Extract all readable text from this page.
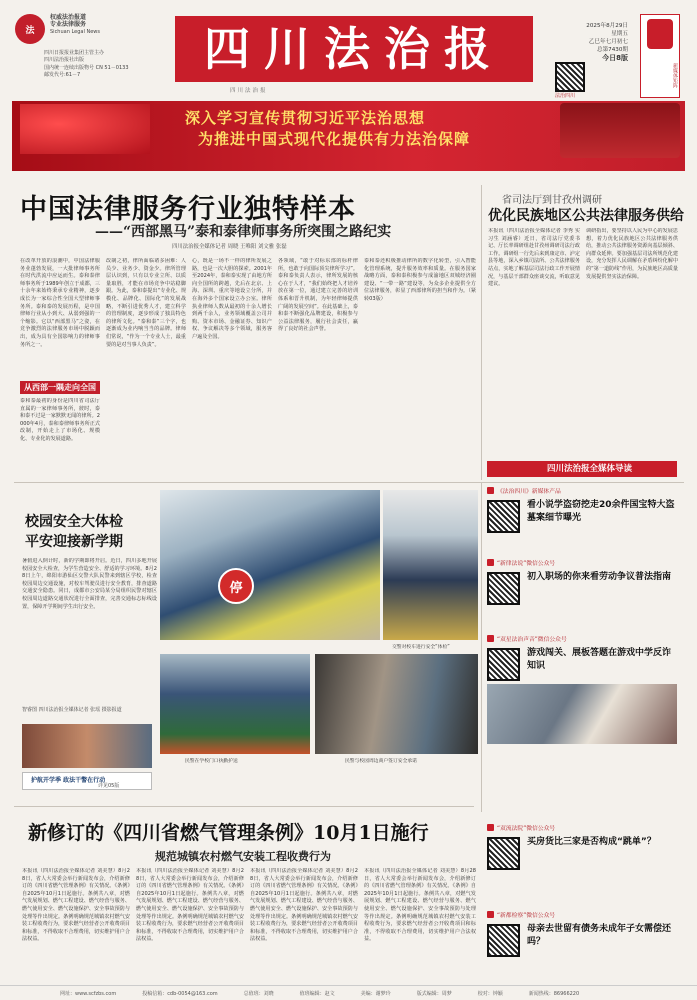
法
权威法治报道
专业法律服务
Sichuan Legal News
四川日报报业集团主管主办
四川法治报社出版
国内统一连续出版物号 CN 51－0133
邮发代号:61－7	四川法治报
四川法治报
2025年8月29日
星期五
乙巳年七月初七
总第7430期
今日8版
法治四川
新媒体矩阵
深入学习宣传贯彻习近平法治思想
为推进中国式现代化提供有力法治保障
中国法律服务行业独特样本
——“西部黑马”泰和泰律师事务所突围之路纪实
四川法治报全媒体记者 周晓 王唯阳 刘文雅 张磊
在改革开放的浪潮中，中国法律服务业蓬勃发展，一大批律师事务所在时代洪流中应运而生。泰和泰律师事务所于1989年创立于成都，三十余年来始终秉承专业精神，逐步成长为一家综合性全国大型律师事务所。泰和泰的发展历程，是中国律师行业从小到大、从弱到强的一个缩影。它以“西部黑马”之姿，在竞争激烈的法律服务市场中脱颖而出，成为具有全国影响力的律师事务所之一。
从西部一隅走向全国
泰和泰最初的身份是四川省司法厅直属的一家律师事务所，彼时，泰和泰不过是一家默默无闻的律所。2000年4月，泰和泰律师事务所正式改制，开始走上了市场化、规模化、专业化的发展道路。
改制之初，律所面临诸多困难：人员少、业务少、资金少。律所管理层认识到，只有以专业立所、以质量取胜，才能在市场竞争中站稳脚跟。为此，泰和泰提出“专业化、规模化、品牌化、国际化”的发展战略，不断引进优秀人才，建立科学的管理制度，逐步形成了独具特色的律所文化。“泰和泰”三个字，也逐渐成为业内响当当的品牌。律师们常说，“作为一个专业人士，最重要的是对当事人负责”。
心，既是一场不一样的律所发展之路，也是一次大胆的探索。2001年至2024年，泰和泰实现了由地方所向全国所的跨越，先后在北京、上海、深圳、重庆等地设立分所，并在海外多个国家设立办公室。律所执业律师人数从最初的十余人增长到两千余人，业务领域覆盖公司并购、资本市场、金融证券、知识产权、争议解决等多个领域，服务客户遍及全国。
各领域，“敢于对标东部的标杆律所，也敢于向国际顶尖律所学习”。泰和泰负责人表示，律所发展的核心在于人才，“我们始终把人才培养放在第一位，通过建立完善的培训体系和晋升机制，为年轻律师提供广阔的发展空间”。在此基础上，泰和泰不断强化品牌建设，积极参与公益法律服务，履行社会责任，赢得了良好的社会声誉。
泰和泰还积极推动律所的数字化转型，引入智能化管理系统，提升服务效率和质量。在服务国家战略方面，泰和泰积极参与成渝地区双城经济圈建设、“一带一路”建设等，为众多企业提供全方位法律服务，彰显了西部律所的担当和作为。（紧转03版）
省司法厅到甘孜州调研
优化民族地区公共法律服务供给
本报讯（四川法治报全媒体记者 李秀 实习生 刘涵睿）近日，省司法厅党委书记、厅长率调研组赴甘孜州调研司法行政工作。调研组一行先后来到康定市、泸定县等地，深入乡镇司法所、公共法律服务站点，实地了解基层司法行政工作开展情况，与基层干部群众座谈交流，听取意见建议。
调研指出，要坚持以人民为中心的发展思想，着力优化民族地区公共法律服务供给，推动公共法律服务资源向基层倾斜、向群众延伸。要加强基层司法所规范化建设，充分发挥人民调解在矛盾纠纷化解中的“第一道防线”作用，为民族地区高质量发展提供坚实法治保障。
四川法治报全媒体导读
《法治四川》新媒体产品
看小说学盗窃挖走20余件国宝特大盗墓案细节曝光
“新律法说”微信公众号
初入职场的你来看劳动争议普法指南
“双星法治声音”微信公众号
游戏闯关、展板答题在游戏中学反诈知识
“双流法院”微信公众号
买房货比三家是否构成“跳单”？
“新都检察”微信公众号
母亲去世留有债务未成年子女需偿还吗？
校园安全大体检
平安迎接新学期
暑假进入倒计时，新的学期即将开启。近日，四川多地开展校园安全大检查，为学生营造安全、舒适的学习环境。8月28日上午，绵阳市游仙区交警大队民警来到辖区学校，检查校园周边交通设施，对校车驾驶员进行安全教育，排查道路交通安全隐患。同日，成都市公安局某分局组织民警对辖区校园周边道路交通状况进行全面排查，完善交通标志标线设置，保障开学期间学生出行安全。
智睿图 四川法治报全媒体记者 张瑶 摄影报道
护航开学季 政法干警在行动
详见05版
停
交警对校车进行安全“体检”
民警在学校门口执勤护送	民警与校园周边商户签订安全承诺
新修订的《四川省燃气管理条例》10月1日施行
规范城镇农村燃气安装工程收费行为
本报讯（四川法治报全媒体记者 刘美慧）8月28日，省人大常委会举行新闻发布会，介绍新修订的《四川省燃气管理条例》有关情况。《条例》自2025年10月1日起施行。条例共八章，对燃气发展规划、燃气工程建设、燃气经营与服务、燃气使用安全、燃气设施保护、安全事故预防与处理等作出规定。条例明确规范城镇农村燃气安装工程收费行为，要求燃气经营者公开收费项目和标准，不得收取不合理费用，切实维护用户合法权益。
本报讯（四川法治报全媒体记者 刘美慧）8月28日，省人大常委会举行新闻发布会，介绍新修订的《四川省燃气管理条例》有关情况。《条例》自2025年10月1日起施行。条例共八章，对燃气发展规划、燃气工程建设、燃气经营与服务、燃气使用安全、燃气设施保护、安全事故预防与处理等作出规定。条例明确规范城镇农村燃气安装工程收费行为，要求燃气经营者公开收费项目和标准，不得收取不合理费用，切实维护用户合法权益。
本报讯（四川法治报全媒体记者 刘美慧）8月28日，省人大常委会举行新闻发布会，介绍新修订的《四川省燃气管理条例》有关情况。《条例》自2025年10月1日起施行。条例共八章，对燃气发展规划、燃气工程建设、燃气经营与服务、燃气使用安全、燃气设施保护、安全事故预防与处理等作出规定。条例明确规范城镇农村燃气安装工程收费行为，要求燃气经营者公开收费项目和标准，不得收取不合理费用，切实维护用户合法权益。
本报讯（四川法治报全媒体记者 刘美慧）8月28日，省人大常委会举行新闻发布会，介绍新修订的《四川省燃气管理条例》有关情况。《条例》自2025年10月1日起施行。条例共八章，对燃气发展规划、燃气工程建设、燃气经营与服务、燃气使用安全、燃气设施保护、安全事故预防与处理等作出规定。条例明确规范城镇农村燃气安装工程收费行为，要求燃气经营者公开收费项目和标准，不得收取不合理费用，切实维护用户合法权益。
网址：www.scfzbs.com	投稿信箱：cdb-0054@163.com	总值班：刘晓	值班编辑：赵文	美编：谢梦玲	版式编辑：周梦	校对：钟颖	新闻热线：86966220
